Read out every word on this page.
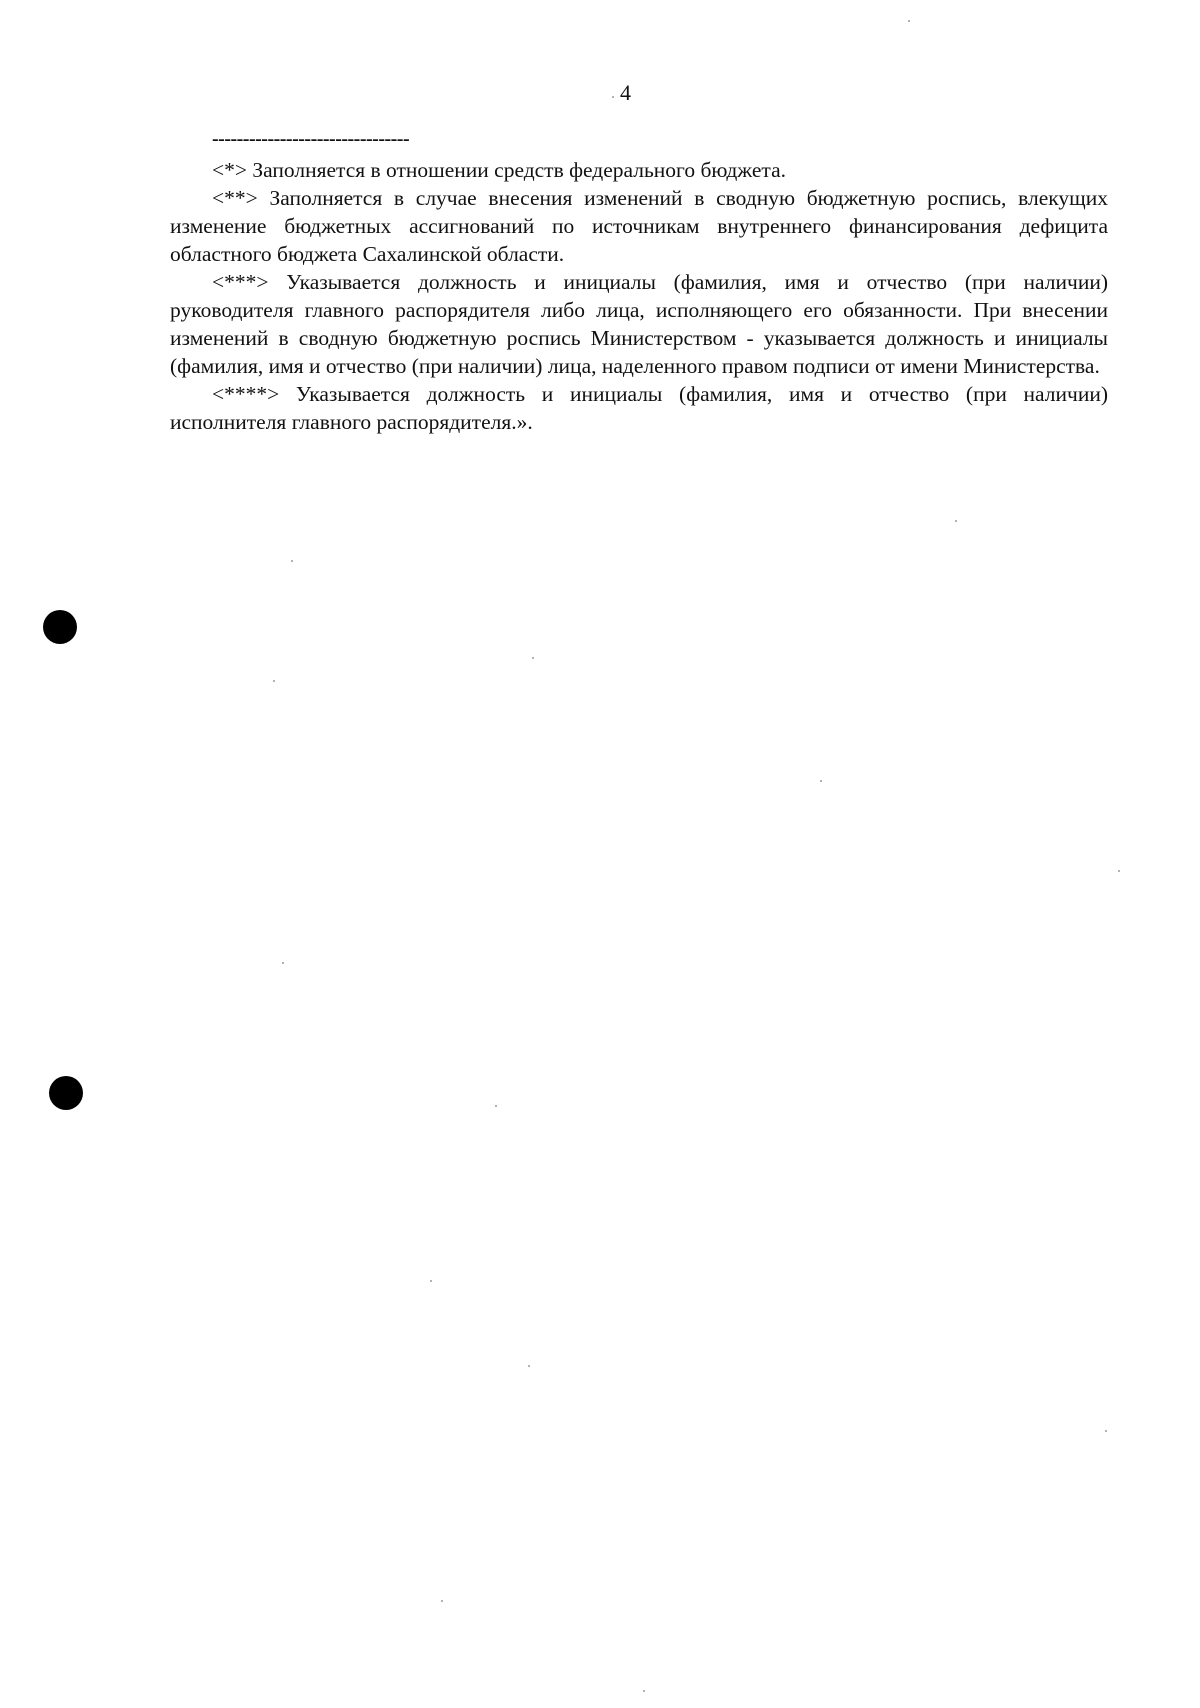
4
--------------------------------

<*> Заполняется в отношении средств федерального бюджета.

<**> Заполняется в случае внесения изменений в сводную бюджетную роспись, влекущих изменение бюджетных ассигнований по источникам внутреннего финансирования дефицита областного бюджета Сахалинской области.

<***> Указывается должность и инициалы (фамилия, имя и отчество (при наличии) руководителя главного распорядителя либо лица, исполняющего его обязанности. При внесении изменений в сводную бюджетную роспись Министерством - указывается должность и инициалы (фамилия, имя и отчество (при наличии) лица, наделенного правом подписи от имени Министерства.

<****> Указывается должность и инициалы (фамилия, имя и отчество (при наличии) исполнителя главного распорядителя.».
